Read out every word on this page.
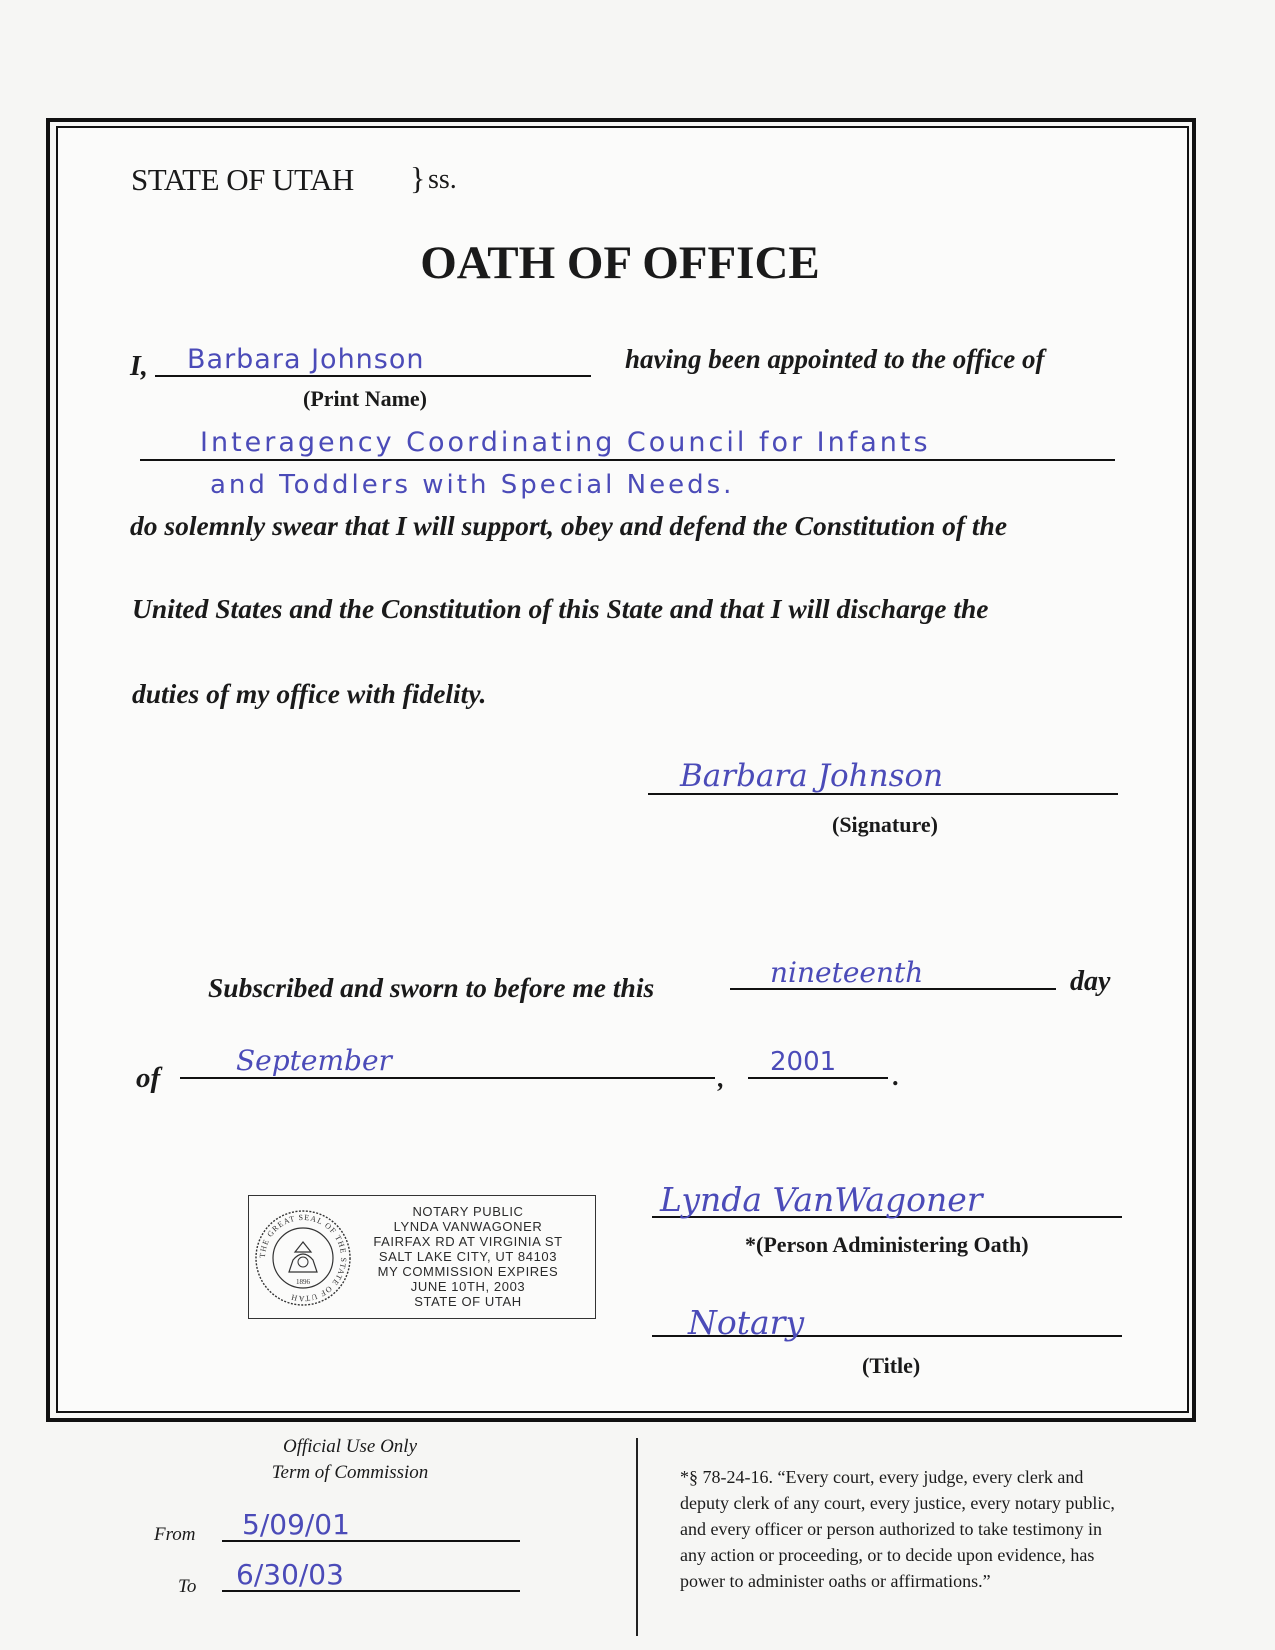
STATE OF UTAH } ss.
OATH OF OFFICE
I, Barbara Johnson	having been appointed to the office of
(Print Name)
Interagency Coordinating Council for Infants
and Toddlers with Special Needs.
do solemnly swear that I will support, obey and defend the Constitution of the
United States and the Constitution of this State and that I will discharge the
duties of my office with fidelity.
Barbara Johnson
(Signature)
Subscribed and sworn to before me this	nineteenth	day
of
September
,
2001 .
THE GREAT SEAL OF THE STATE OF UTAH
1896
NOTARY PUBLIC
LYNDA VANWAGONER
FAIRFAX RD AT VIRGINIA ST
SALT LAKE CITY, UT 84103
MY COMMISSION EXPIRES
JUNE 10TH, 2003
STATE OF UTAH
Lynda VanWagoner
*(Person Administering Oath)
Notary
(Title)
Official Use Only
Term of Commission
From 5/09/01
To 6/30/03
*§ 78-24-16. “Every court, every judge, every clerk and
deputy clerk of any court, every justice, every notary public,
and every officer or person authorized to take testimony in
any action or proceeding, or to decide upon evidence, has
power to administer oaths or affirmations.”
